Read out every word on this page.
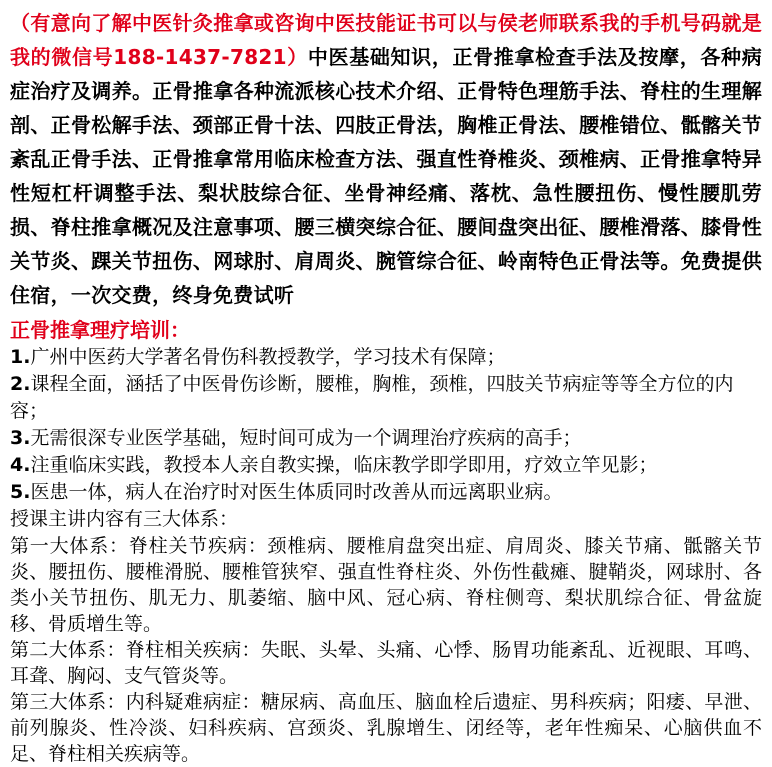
（有意向了解中医针灸推拿或咨询中医技能证书可以与侯老师联系我的手机号码就是我的微信号188-1437-7821）中医基础知识，正骨推拿检查手法及按摩，各种病症治疗及调养。正骨推拿各种流派核心技术介绍、正骨特色理筋手法、脊柱的生理解剖、正骨松解手法、颈部正骨十法、四肢正骨法，胸椎正骨法、腰椎错位、骶髂关节紊乱正骨手法、正骨推拿常用临床检查方法、强直性脊椎炎、颈椎病、正骨推拿特异性短杠杆调整手法、梨状肢综合征、坐骨神经痛、落枕、急性腰扭伤、慢性腰肌劳损、脊柱推拿概况及注意事项、腰三横突综合征、腰间盘突出征、腰椎滑落、膝骨性关节炎、踝关节扭伤、网球肘、肩周炎、腕管综合征、岭南特色正骨法等。免费提供住宿，一次交费，终身免费试听

正骨推拿理疗培训：

1.广州中医药大学著名骨伤科教授教学，学习技术有保障；
2.课程全面，涵括了中医骨伤诊断，腰椎，胸椎，颈椎，四肢关节病症等等全方位的内容；
3.无需很深专业医学基础，短时间可成为一个调理治疗疾病的高手；
4.注重临床实践，教授本人亲自教实操，临床教学即学即用，疗效立竿见影；
5.医患一体，病人在治疗时对医生体质同时改善从而远离职业病。

授课主讲内容有三大体系：

第一大体系：脊柱关节疾病：颈椎病、腰椎肩盘突出症、肩周炎、膝关节痛、骶髂关节炎、腰扭伤、腰椎滑脱、腰椎管狭窄、强直性脊柱炎、外伤性截瘫、腱鞘炎，网球肘、各类小关节扭伤、肌无力、肌萎缩、脑中风、冠心病、脊柱侧弯、梨状肌综合征、骨盆旋移、骨质增生等。

第二大体系：脊柱相关疾病：失眠、头晕、头痛、心悸、肠胃功能紊乱、近视眼、耳鸣、耳聋、胸闷、支气管炎等。

第三大体系：内科疑难病症：糖尿病、高血压、脑血栓后遗症、男科疾病；阳痿、早泄、前列腺炎、性冷淡、妇科疾病、宫颈炎、乳腺增生、闭经等，老年性痴呆、心脑供血不足、脊柱相关疾病等。
